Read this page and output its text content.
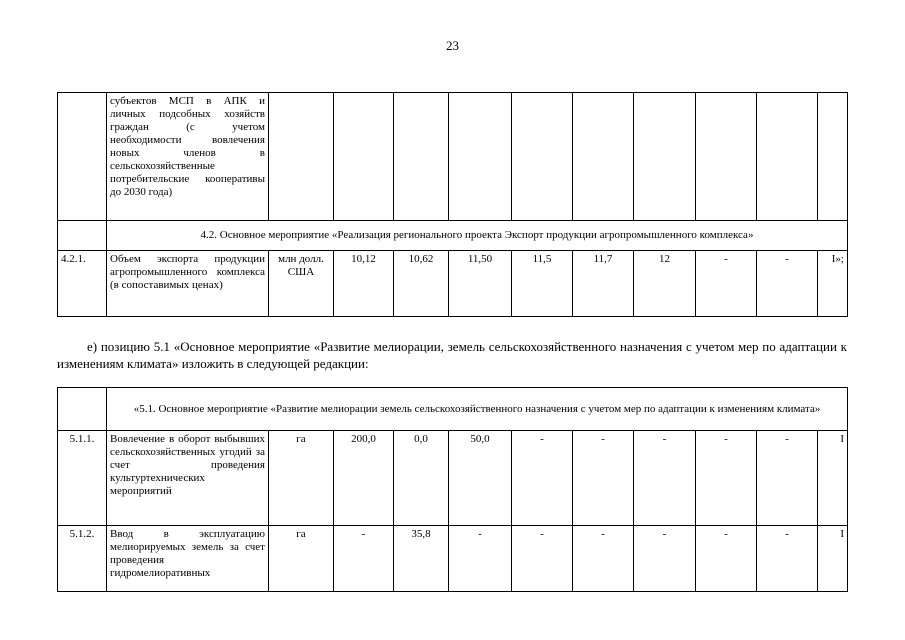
23
	субъектов МСП в АПК и личных подсобных хозяйств граждан (с учетом необходимости вовлечения новых членов в сельскохозяйственные потребительские кооперативы до 2030 года)										
	4.2. Основное мероприятие «Реализация регионального проекта Экспорт продукции агропромышленного комплекса»										
4.2.1.	Объем экспорта продукции агропромышленного комплекса (в сопоставимых ценах)	млн долл. США	10,12	10,62	11,50	11,5	11,7	12	-	-	I»;
е) позицию 5.1 «Основное мероприятие «Развитие мелиорации, земель сельскохозяйственного назначения с учетом мер по адаптации к изменениям климата» изложить в следующей редакции:
	«5.1. Основное мероприятие «Развитие мелиорации земель сельскохозяйственного назначения с учетом мер по адаптации к изменениям климата»										
5.1.1.	Вовлечение в оборот выбывших сельскохозяйственных угодий за счет проведения культуртехнических мероприятий	га	200,0	0,0	50,0	-	-	-	-	-	I
5.1.2.	Ввод в эксплуатацию мелиорируемых земель за счет проведения гидромелиоративных	га	-	35,8	-	-	-	-	-	-	I
